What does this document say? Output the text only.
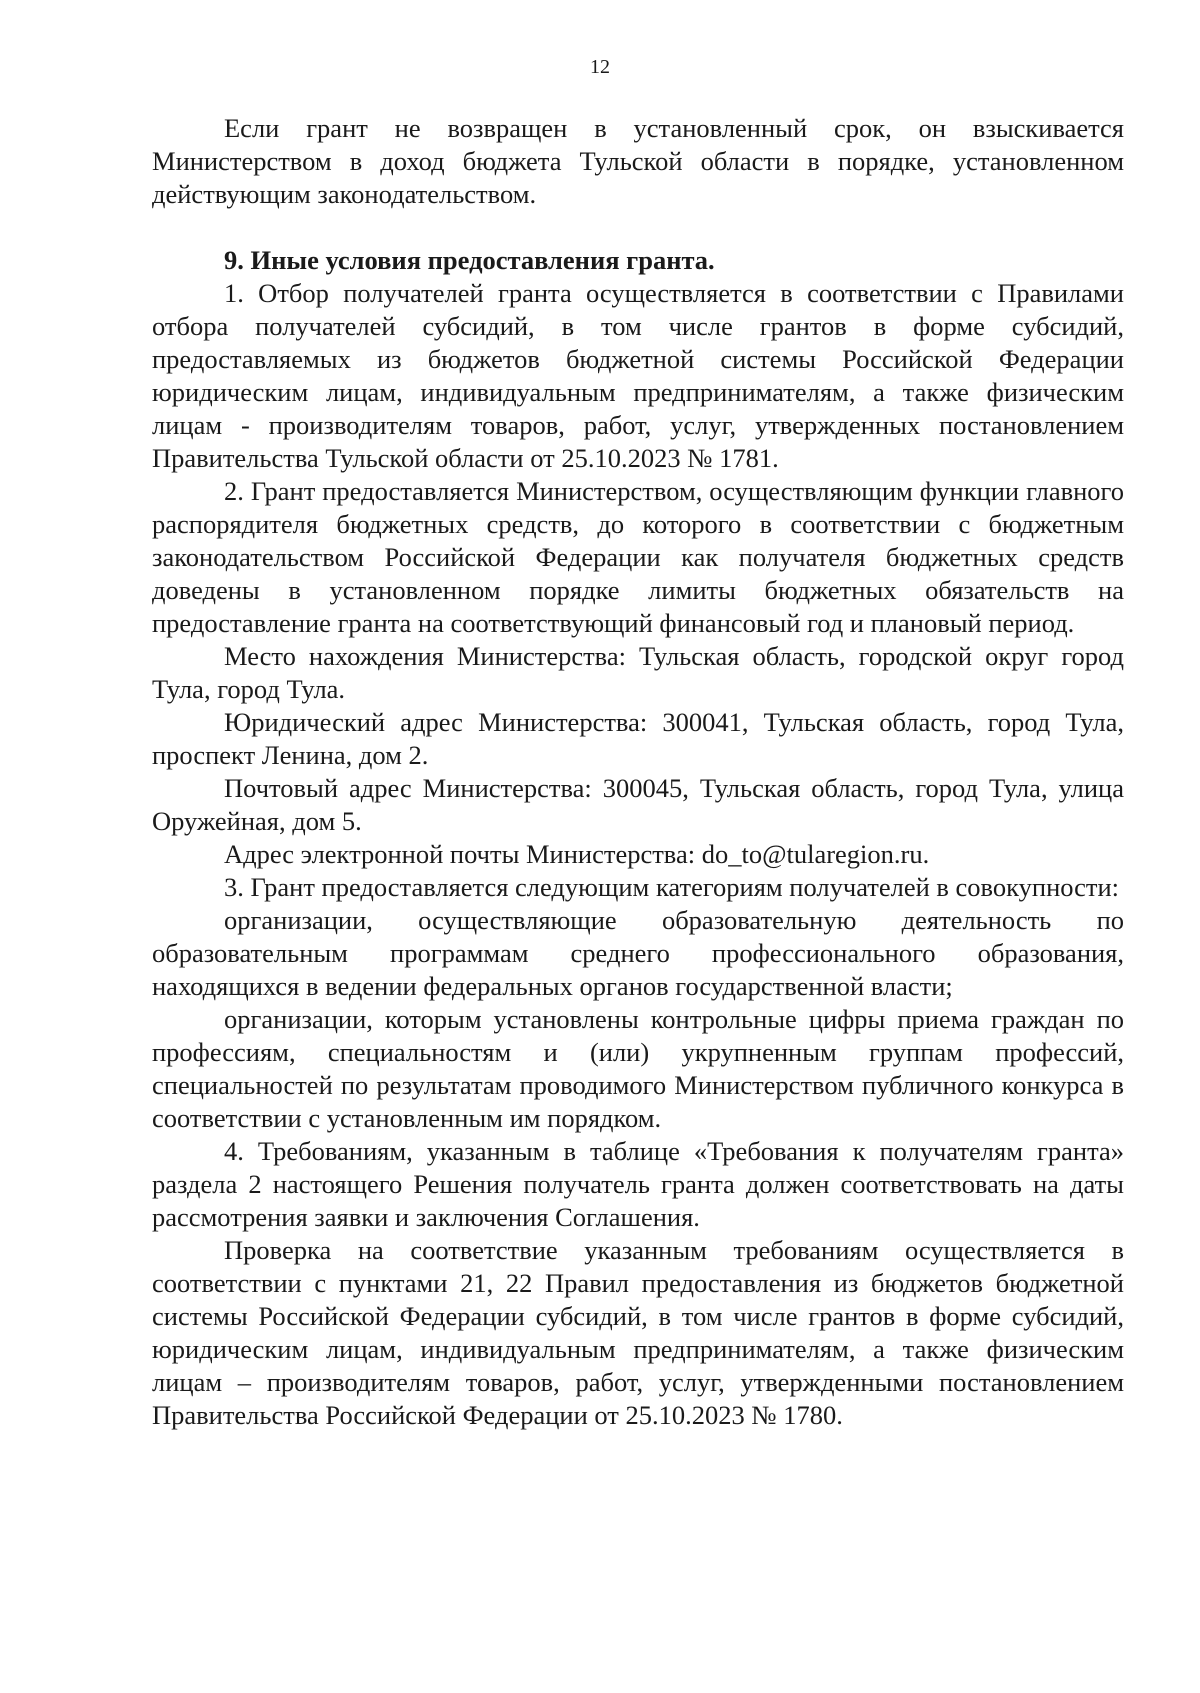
12

Если грант не возвращен в установленный срок, он взыскивается Министерством в доход бюджета Тульской области в порядке, установленном действующим законодательством.

9. Иные условия предоставления гранта.

1. Отбор получателей гранта осуществляется в соответствии с Правилами отбора получателей субсидий, в том числе грантов в форме субсидий, предоставляемых из бюджетов бюджетной системы Российской Федерации юридическим лицам, индивидуальным предпринимателям, а также физическим лицам - производителям товаров, работ, услуг, утвержденных постановлением Правительства Тульской области от 25.10.2023 № 1781.

2. Грант предоставляется Министерством, осуществляющим функции главного распорядителя бюджетных средств, до которого в соответствии с бюджетным законодательством Российской Федерации как получателя бюджетных средств доведены в установленном порядке лимиты бюджетных обязательств на предоставление гранта на соответствующий финансовый год и плановый период.

Место нахождения Министерства: Тульская область, городской округ город Тула, город Тула.

Юридический адрес Министерства: 300041, Тульская область, город Тула, проспект Ленина, дом 2.

Почтовый адрес Министерства: 300045, Тульская область, город Тула, улица Оружейная, дом 5.

Адрес электронной почты Министерства: do_to@tularegion.ru.

3. Грант предоставляется следующим категориям получателей в совокупности:

организации, осуществляющие образовательную деятельность по образовательным программам среднего профессионального образования, находящихся в ведении федеральных органов государственной власти;

организации, которым установлены контрольные цифры приема граждан по профессиям, специальностям и (или) укрупненным группам профессий, специальностей по результатам проводимого Министерством публичного конкурса в соответствии с установленным им порядком.

4. Требованиям, указанным в таблице «Требования к получателям гранта» раздела 2 настоящего Решения получатель гранта должен соответствовать на даты рассмотрения заявки и заключения Соглашения.

Проверка на соответствие указанным требованиям осуществляется в соответствии с пунктами 21, 22 Правил предоставления из бюджетов бюджетной системы Российской Федерации субсидий, в том числе грантов в форме субсидий, юридическим лицам, индивидуальным предпринимателям, а также физическим лицам – производителям товаров, работ, услуг, утвержденными постановлением Правительства Российской Федерации от 25.10.2023 № 1780.
